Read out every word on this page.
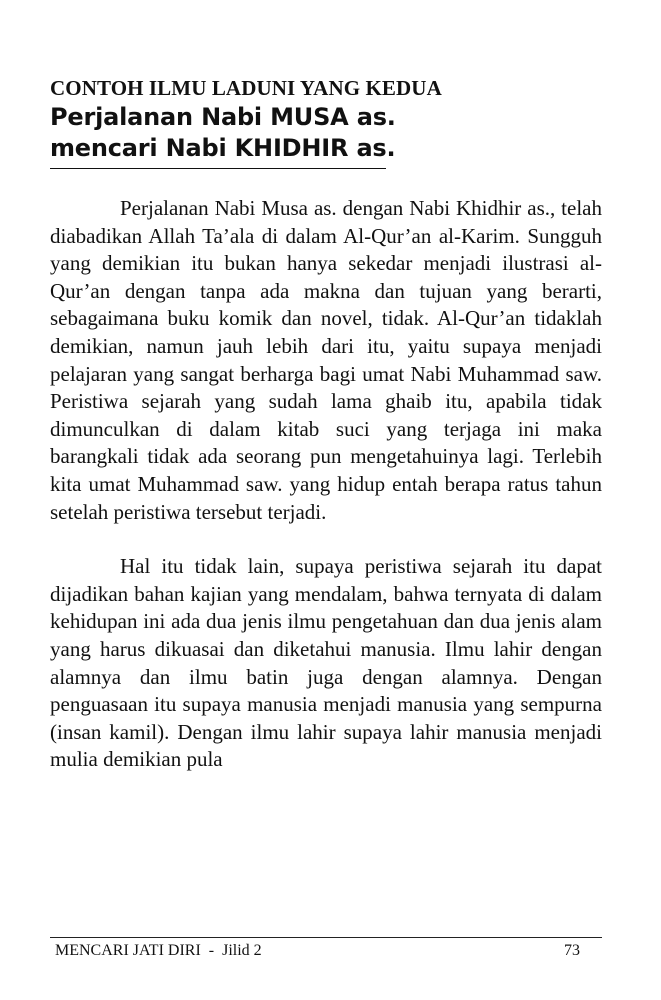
CONTOH ILMU LADUNI YANG KEDUA

Perjalanan Nabi MUSA as.

mencari Nabi KHIDHIR as.

Perjalanan Nabi Musa as. dengan Nabi Khidhir as., telah diabadikan Allah Ta’ala di dalam Al-Qur’an al-Karim. Sungguh yang demikian itu bukan hanya sekedar menjadi ilustrasi al-Qur’an dengan tanpa ada makna dan tujuan yang berarti, sebagaimana buku komik dan novel, tidak. Al-Qur’an tidaklah demikian, namun jauh lebih dari itu, yaitu supaya menjadi pelajaran yang sangat berharga bagi umat Nabi Muhammad saw. Peristiwa sejarah yang sudah lama ghaib itu, apabila tidak dimunculkan di dalam kitab suci yang terjaga ini maka barangkali tidak ada seorang pun mengetahuinya lagi. Terlebih kita umat Muhammad saw. yang hidup entah berapa ratus tahun setelah peristiwa tersebut terjadi.

Hal itu tidak lain, supaya peristiwa sejarah itu dapat dijadikan bahan kajian yang mendalam, bahwa ternyata di dalam kehidupan ini ada dua jenis ilmu pengetahuan dan dua jenis alam yang harus dikuasai dan diketahui manusia. Ilmu lahir dengan alamnya dan ilmu batin juga dengan alamnya. Dengan penguasaan itu supaya manusia menjadi manusia yang sempurna (insan kamil). Dengan ilmu lahir supaya lahir manusia menjadi mulia demikian pula

MENCARI JATI DIRI  -  Jilid 2	73
